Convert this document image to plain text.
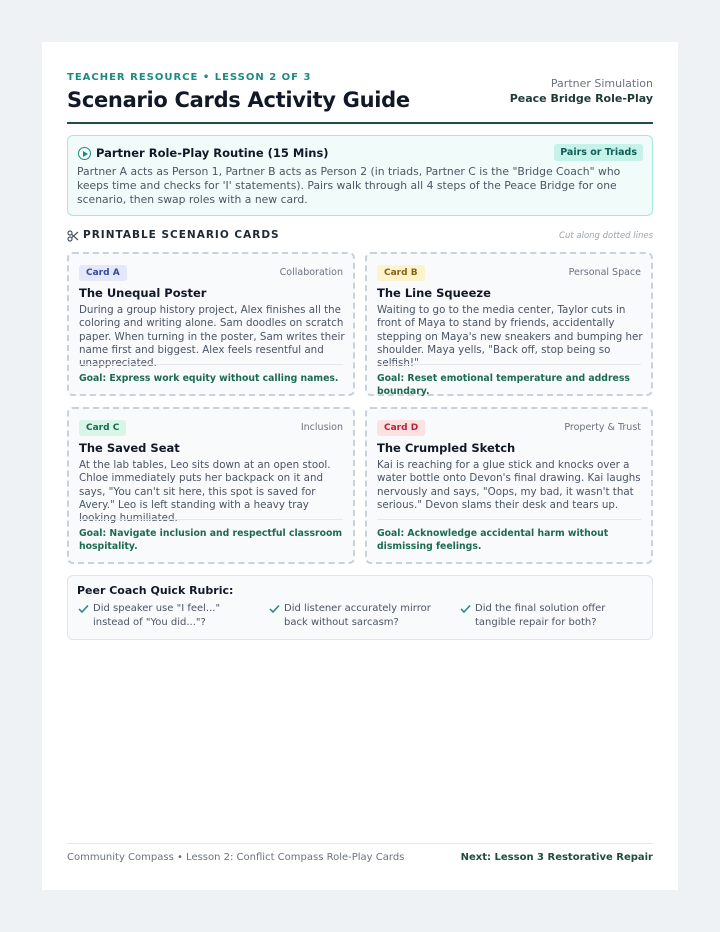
TEACHER RESOURCE • LESSON 2 OF 3
Scenario Cards Activity Guide
Partner Simulation
Peace Bridge Role-Play
Partner Role-Play Routine (15 Mins)	Pairs or Triads
Partner A acts as Person 1, Partner B acts as Person 2 (in triads, Partner C is the "Bridge Coach" who keeps time and checks for 'I' statements). Pairs walk through all 4 steps of the Peace Bridge for one scenario, then swap roles with a new card.
PRINTABLE SCENARIO CARDS	Cut along dotted lines
Card A	Collaboration
The Unequal Poster
During a group history project, Alex finishes all the coloring and writing alone. Sam doodles on scratch paper. When turning in the poster, Sam writes their name first and biggest. Alex feels resentful and unappreciated.
Goal: Express work equity without calling names.
Card B	Personal Space
The Line Squeeze
Waiting to go to the media center, Taylor cuts in front of Maya to stand by friends, accidentally stepping on Maya's new sneakers and bumping her shoulder. Maya yells, "Back off, stop being so selfish!"
Goal: Reset emotional temperature and address boundary.
Card C	Inclusion
The Saved Seat
At the lab tables, Leo sits down at an open stool. Chloe immediately puts her backpack on it and says, "You can't sit here, this spot is saved for Avery." Leo is left standing with a heavy tray looking humiliated.
Goal: Navigate inclusion and respectful classroom hospitality.
Card D	Property & Trust
The Crumpled Sketch
Kai is reaching for a glue stick and knocks over a water bottle onto Devon's final drawing. Kai laughs nervously and says, "Oops, my bad, it wasn't that serious." Devon slams their desk and tears up.
Goal: Acknowledge accidental harm without dismissing feelings.
Peer Coach Quick Rubric:
Did speaker use "I feel..." instead of "You did..."?
Did listener accurately mirror back without sarcasm?
Did the final solution offer tangible repair for both?
Community Compass • Lesson 2: Conflict Compass Role-Play Cards	Next: Lesson 3 Restorative Repair
